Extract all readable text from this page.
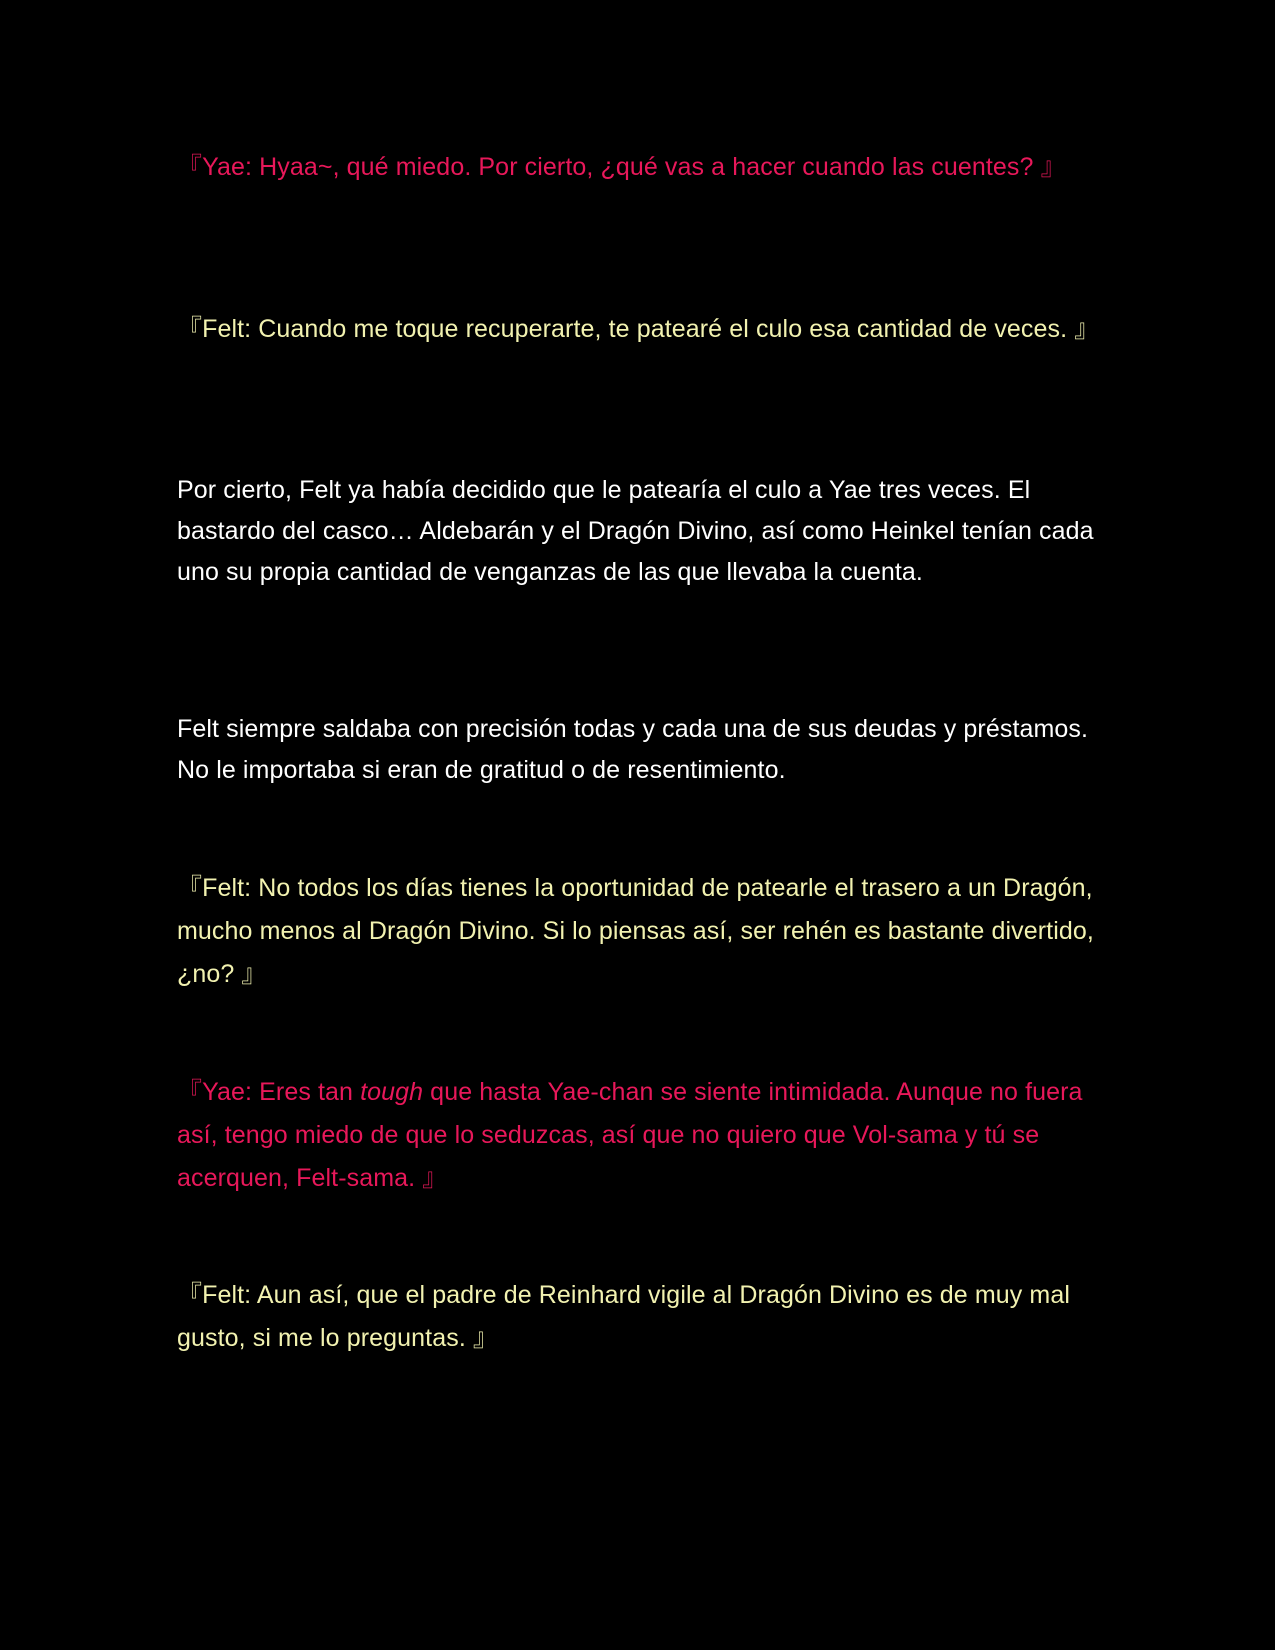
『Yae: Hyaa~, qué miedo. Por cierto, ¿qué vas a hacer cuando las cuentes? 』

『Felt: Cuando me toque recuperarte, te patearé el culo esa cantidad de veces. 』

Por cierto, Felt ya había decidido que le patearía el culo a Yae tres veces. El bastardo del casco… Aldebarán y el Dragón Divino, así como Heinkel tenían cada uno su propia cantidad de venganzas de las que llevaba la cuenta.

Felt siempre saldaba con precisión todas y cada una de sus deudas y préstamos. No le importaba si eran de gratitud o de resentimiento.

『Felt: No todos los días tienes la oportunidad de patearle el trasero a un Dragón, mucho menos al Dragón Divino. Si lo piensas así, ser rehén es bastante divertido, ¿no? 』

『Yae: Eres tan tough que hasta Yae-chan se siente intimidada. Aunque no fuera así, tengo miedo de que lo seduzcas, así que no quiero que Vol-sama y tú se acerquen, Felt-sama. 』

『Felt: Aun así, que el padre de Reinhard vigile al Dragón Divino es de muy mal gusto, si me lo preguntas. 』
